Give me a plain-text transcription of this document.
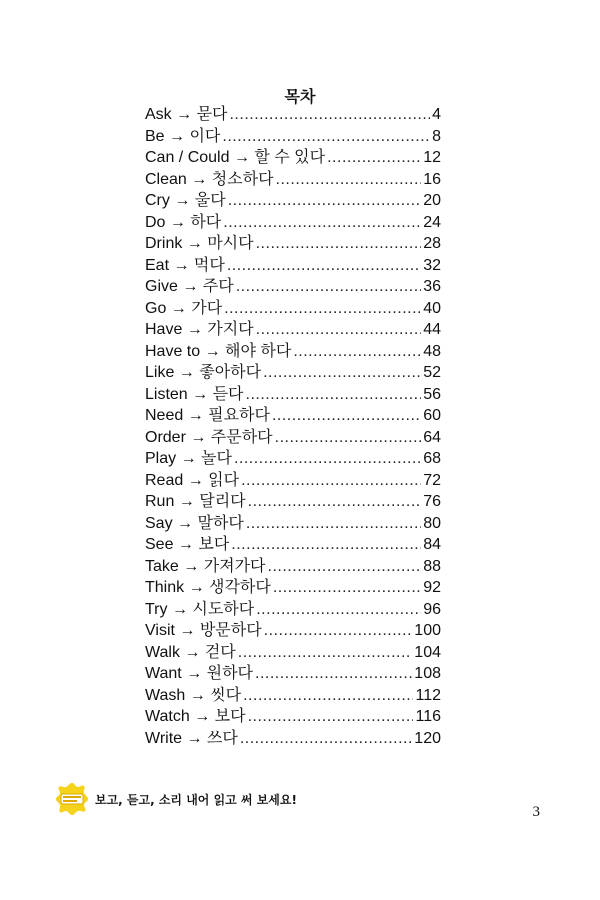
목차
Ask → 묻다 .....	4
Be → 이다 .....	8
Can / Could → 할 수 있다 .....	12
Clean → 청소하다 .....	16
Cry → 울다 .....	20
Do → 하다 .....	24
Drink → 마시다 .....	28
Eat → 먹다 .....	32
Give → 주다 .....	36
Go → 가다 .....	40
Have → 가지다 .....	44
Have to → 해야 하다 .....	48
Like → 좋아하다 .....	52
Listen → 듣다 .....	56
Need → 필요하다 .....	60
Order → 주문하다 .....	64
Play → 놀다 .....	68
Read → 읽다 .....	72
Run → 달리다 .....	76
Say → 말하다 .....	80
See → 보다 .....	84
Take → 가져가다 .....	88
Think → 생각하다 .....	92
Try → 시도하다 .....	96
Visit → 방문하다 .....	100
Walk → 걷다 .....	104
Want → 원하다 .....	108
Wash → 씻다 .....	112
Watch → 보다 .....	116
Write → 쓰다 .....	120
보고, 듣고, 소리 내어 읽고 써 보세요!
3
